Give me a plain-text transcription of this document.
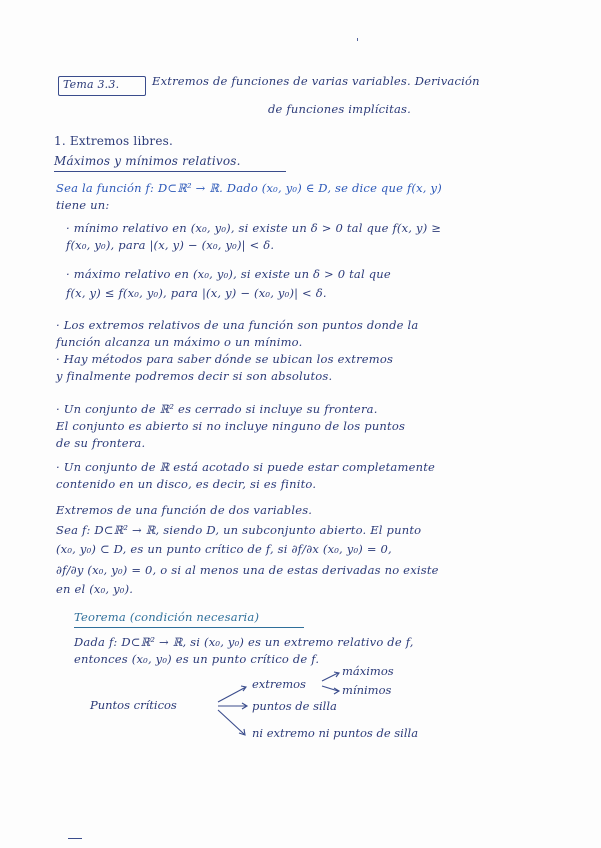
Tema 3.3.	Extremos de funciones de varias variables. Derivación
de funciones implícitas.
1. Extremos libres.
Máximos y mínimos relativos.
Sea la función f: D⊂ℝ² → ℝ. Dado (x₀, y₀) ∈ D, se dice que f(x, y)
tiene un:
· mínimo relativo en (x₀, y₀), si existe un δ > 0 tal que f(x, y) ≥
f(x₀, y₀), para |(x, y) − (x₀, y₀)| < δ.
· máximo relativo en (x₀, y₀), si existe un δ > 0 tal que
f(x, y) ≤ f(x₀, y₀), para |(x, y) − (x₀, y₀)| < δ.
· Los extremos relativos de una función son puntos donde la
función alcanza un máximo o un mínimo.
· Hay métodos para saber dónde se ubican los extremos
y finalmente podremos decir si son absolutos.
· Un conjunto de ℝ² es cerrado si incluye su frontera.
El conjunto es abierto si no incluye ninguno de los puntos
de su frontera.
· Un conjunto de ℝ está acotado si puede estar completamente
contenido en un disco, es decir, si es finito.
Extremos de una función de dos variables.
Sea f: D⊂ℝ² → ℝ, siendo D, un subconjunto abierto. El punto
(x₀, y₀) ⊂ D, es un punto crítico de f, si ∂f/∂x (x₀, y₀) = 0,
∂f/∂y (x₀, y₀) = 0, o si al menos una de estas derivadas no existe
en el (x₀, y₀).
Teorema (condición necesaria)
Dada f: D⊂ℝ² → ℝ, si (x₀, y₀) es un extremo relativo de f,
entonces (x₀, y₀) es un punto crítico de f.
Puntos críticos
extremos
máximos
mínimos
puntos de silla
ni extremo ni puntos de silla
'
